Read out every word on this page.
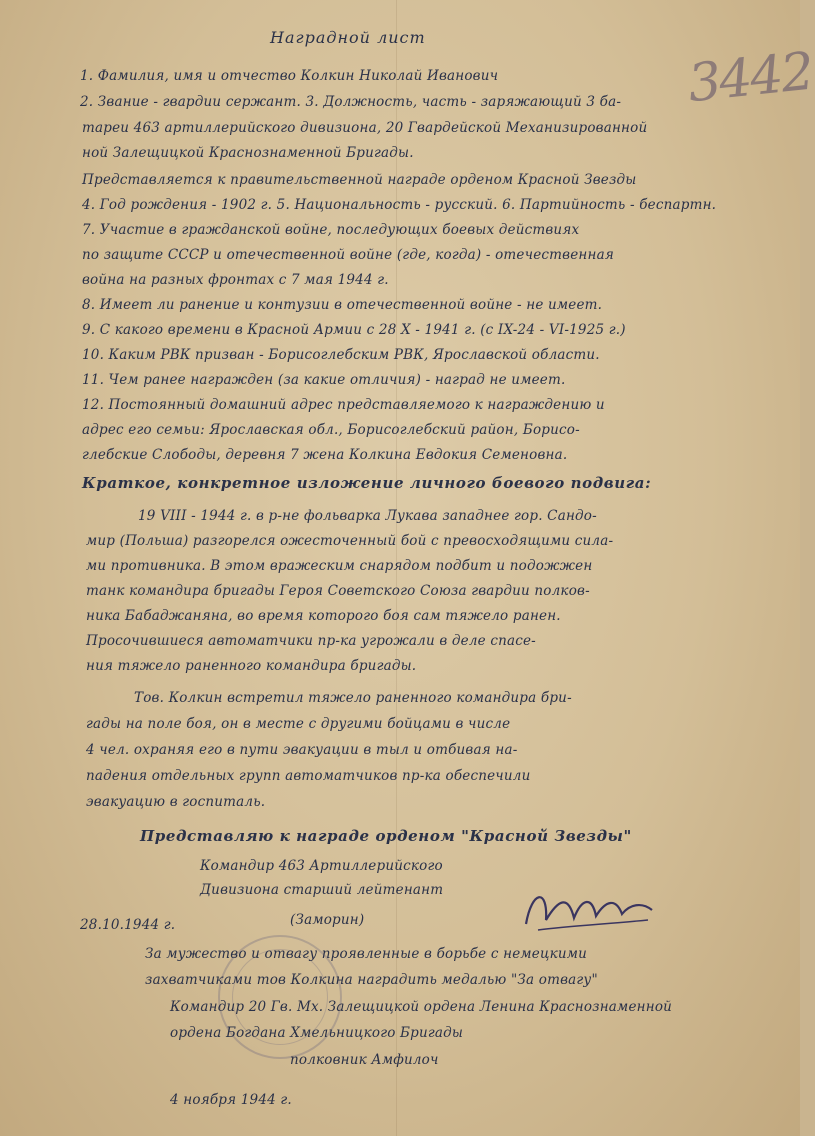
Наградной лист
3442
1. Фамилия, имя и отчество Колкин Николай Иванович
2. Звание - гвардии сержант. 3. Должность, часть - заряжающий 3 ба-
тареи 463 артиллерийского дивизиона, 20 Гвардейской Механизированной
ной Залещицкой Краснознаменной Бригады.
Представляется к правительственной награде орденом Красной Звезды
4. Год рождения - 1902 г. 5. Национальность - русский. 6. Партийность - беспартн.
7. Участие в гражданской войне, последующих боевых действиях
по защите СССР и отечественной войне (где, когда) - отечественная
война на разных фронтах с 7 мая 1944 г.
8. Имеет ли ранение и контузии в отечественной войне - не имеет.
9. С какого времени в Красной Армии с 28 X - 1941 г. (с IX-24 - VI-1925 г.)
10. Каким РВК призван - Борисоглебским РВК, Ярославской области.
11. Чем ранее награжден (за какие отличия) - наград не имеет.
12. Постоянный домашний адрес представляемого к награждению и
адрес его семьи: Ярославская обл., Борисоглебский район, Борисо-
глебские Слободы, деревня 7 жена Колкина Евдокия Семеновна.
Краткое, конкретное изложение личного боевого подвига:
19 VIII - 1944 г. в р-не фольварка Лукава западнее гор. Сандо-
мир (Польша) разгорелся ожесточенный бой с превосходящими сила-
ми противника. В этом вражеским снарядом подбит и подожжен
танк командира бригады Героя Советского Союза гвардии полков-
ника Бабаджаняна, во время которого боя сам тяжело ранен.
Просочившиеся автоматчики пр-ка угрожали в деле спасе-
ния тяжело раненного командира бригады.
Тов. Колкин встретил тяжело раненного командира бри-
гады на поле боя, он в месте с другими бойцами в числе
4 чел. охраняя его в пути эвакуации в тыл и отбивая на-
падения отдельных групп автоматчиков пр-ка обеспечили
эвакуацию в госпиталь.
Представляю к награде орденом "Красной Звезды"
Командир 463 Артиллерийского
Дивизиона старший лейтенант
28.10.1944 г.	(Заморин)
За мужество и отвагу проявленные в борьбе с немецкими
захватчиками тов Колкина наградить медалью "За отвагу"
Командир 20 Гв. Мх. Залещицкой ордена Ленина Краснознаменной
ордена Богдана Хмельницкого Бригады
полковник Амфилоч
4 ноября 1944 г.
